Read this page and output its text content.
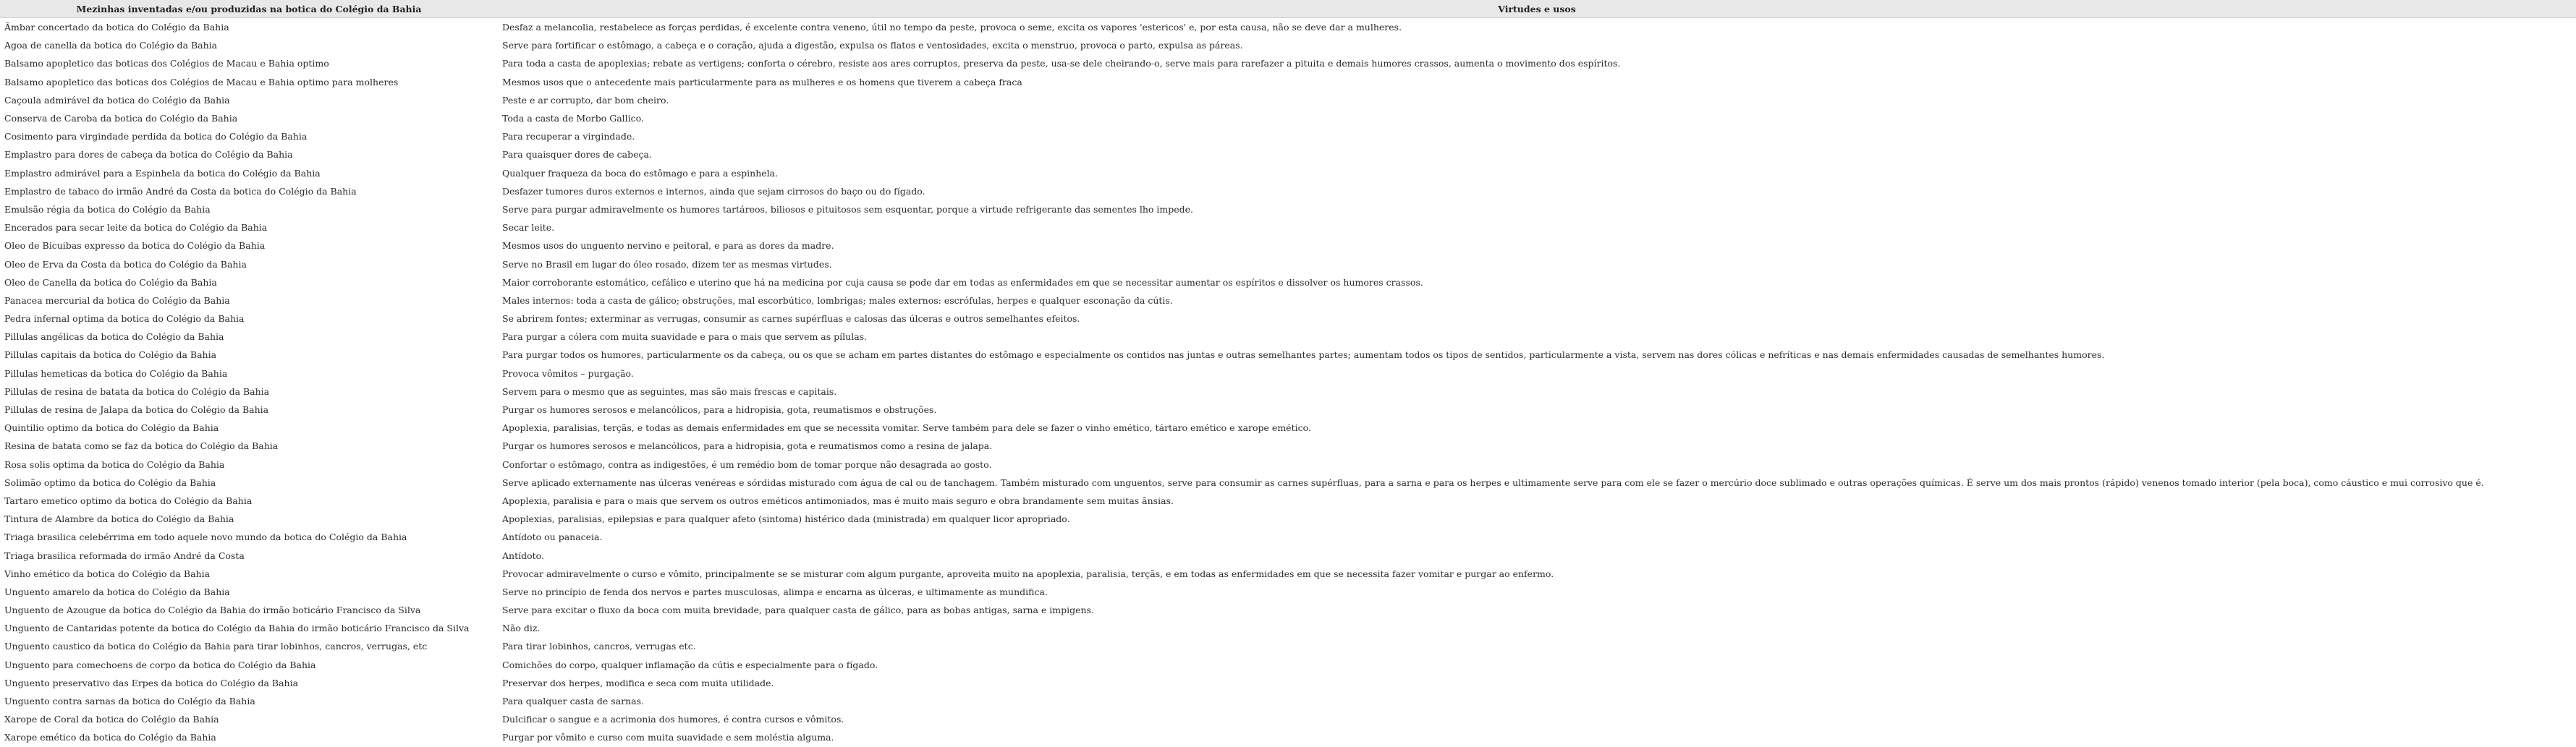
Mezinhas inventadas e/ou produzidas na botica do Colégio da Bahia	Virtudes e usos
Âmbar concertado da botica do Colégio da Bahia	Desfaz a melancolia, restabelece as forças perdidas, é excelente contra veneno, útil no tempo da peste, provoca o seme, excita os vapores 'estericos' e, por esta causa, não se deve dar a mulheres.
Agoa de canella da botica do Colégio da Bahia	Serve para fortificar o estômago, a cabeça e o coração, ajuda a digestão, expulsa os flatos e ventosidades, excita o menstruo, provoca o parto, expulsa as páreas.
Balsamo apopletico das boticas dos Colégios de Macau e Bahia optimo	Para toda a casta de apoplexias; rebate as vertigens; conforta o cérebro, resiste aos ares corruptos, preserva da peste, usa-se dele cheirando-o, serve mais para rarefazer a pituita e demais humores crassos, aumenta o movimento dos espíritos.
Balsamo apopletico das boticas dos Colégios de Macau e Bahia optimo para molheres	Mesmos usos que o antecedente mais particularmente para as mulheres e os homens que tiverem a cabeça fraca
Caçoula admirável da botica do Colégio da Bahia	Peste e ar corrupto, dar bom cheiro.
Conserva de Caroba da botica do Colégio da Bahia	Toda a casta de Morbo Gallico.
Cosimento para virgindade perdida da botica do Colégio da Bahia	Para recuperar a virgindade.
Emplastro para dores de cabeça da botica do Colégio da Bahia	Para quaisquer dores de cabeça.
Emplastro admirável para a Espinhela da botica do Colégio da Bahia	Qualquer fraqueza da boca do estômago e para a espinhela.
Emplastro de tabaco do irmão André da Costa da botica do Colégio da Bahia	Desfazer tumores duros externos e internos, ainda que sejam cirrosos do baço ou do fígado.
Emulsão régia da botica do Colégio da Bahia	Serve para purgar admiravelmente os humores tartáreos, biliosos e pituitosos sem esquentar, porque a virtude refrigerante das sementes lho impede.
Encerados para secar leite da botica do Colégio da Bahia	Secar leite.
Oleo de Bicuibas expresso da botica do Colégio da Bahia	Mesmos usos do unguento nervino e peitoral, e para as dores da madre.
Oleo de Erva da Costa da botica do Colégio da Bahia	Serve no Brasil em lugar do óleo rosado, dizem ter as mesmas virtudes.
Oleo de Canella da botica do Colégio da Bahia	Maior corroborante estomático, cefálico e uterino que há na medicina por cuja causa se pode dar em todas as enfermidades em que se necessitar aumentar os espíritos e dissolver os humores crassos.
Panacea mercurial da botica do Colégio da Bahia	Males internos: toda a casta de gálico; obstruções, mal escorbútico, lombrigas; males externos: escrófulas, herpes e qualquer esconação da cútis.
Pedra infernal optima da botica do Colégio da Bahia	Se abrirem fontes; exterminar as verrugas, consumir as carnes supérfluas e calosas das úlceras e outros semelhantes efeitos.
Pillulas angélicas da botica do Colégio da Bahia	Para purgar a cólera com muita suavidade e para o mais que servem as pílulas.
Pillulas capitais da botica do Colégio da Bahia	Para purgar todos os humores, particularmente os da cabeça, ou os que se acham em partes distantes do estômago e especialmente os contidos nas juntas e outras semelhantes partes; aumentam todos os tipos de sentidos, particularmente a vista, servem nas dores cólicas e nefríticas e nas demais enfermidades causadas de semelhantes humores.
Pillulas hemeticas da botica do Colégio da Bahia	Provoca vômitos – purgação.
Pillulas de resina de batata da botica do Colégio da Bahia	Servem para o mesmo que as seguintes, mas são mais frescas e capitais.
Pillulas de resina de Jalapa da botica do Colégio da Bahia	Purgar os humores serosos e melancólicos, para a hidropisia, gota, reumatismos e obstruções.
Quintilio optimo da botica do Colégio da Bahia	Apoplexia, paralisias, terçãs, e todas as demais enfermidades em que se necessita vomitar. Serve também para dele se fazer o vinho emético, tártaro emético e xarope emético.
Resina de batata como se faz da botica do Colégio da Bahia	Purgar os humores serosos e melancólicos, para a hidropisia, gota e reumatismos como a resina de jalapa.
Rosa solis optima da botica do Colégio da Bahia	Confortar o estômago, contra as indigestões, é um remédio bom de tomar porque não desagrada ao gosto.
Solimão optimo da botica do Colégio da Bahia	Serve aplicado externamente nas úlceras venéreas e sórdidas misturado com água de cal ou de tanchagem. Também misturado com unguentos, serve para consumir as carnes supérfluas, para a sarna e para os herpes e ultimamente serve para com ele se fazer o mercúrio doce sublimado e outras operações químicas. É serve um dos mais prontos (rápido) venenos tomado interior (pela boca), como cáustico e mui corrosivo que é.
Tartaro emetico optimo da botica do Colégio da Bahia	Apoplexia, paralisia e para o mais que servem os outros eméticos antimoniados, mas é muito mais seguro e obra brandamente sem muitas ânsias.
Tintura de Alambre da botica do Colégio da Bahia	Apoplexias, paralisias, epilepsias e para qualquer afeto (sintoma) histérico dada (ministrada) em qualquer licor apropriado.
Triaga brasilica celebérrima em todo aquele novo mundo da botica do Colégio da Bahia	Antídoto ou panaceia.
Triaga brasilica reformada do irmão André da Costa	Antídoto.
Vinho emético da botica do Colégio da Bahia	Provocar admiravelmente o curso e vômito, principalmente se se misturar com algum purgante, aproveita muito na apoplexia, paralisia, terçãs, e em todas as enfermidades em que se necessita fazer vomitar e purgar ao enfermo.
Unguento amarelo da botica do Colégio da Bahia	Serve no princípio de fenda dos nervos e partes musculosas, alimpa e encarna as úlceras, e ultimamente as mundifica.
Unguento de Azougue da botica do Colégio da Bahia do irmão boticário Francisco da Silva	Serve para excitar o fluxo da boca com muita brevidade, para qualquer casta de gálico, para as bobas antigas, sarna e impigens.
Unguento de Cantaridas potente da botica do Colégio da Bahia do irmão boticário Francisco da Silva	Não diz.
Unguento caustico da botica do Colégio da Bahia para tirar lobinhos, cancros, verrugas, etc	Para tirar lobinhos, cancros, verrugas etc.
Unguento para comechoens de corpo da botica do Colégio da Bahia	Comichões do corpo, qualquer inflamação da cútis e especialmente para o fígado.
Unguento preservativo das Erpes da botica do Colégio da Bahia	Preservar dos herpes, modifica e seca com muita utilidade.
Unguento contra sarnas da botica do Colégio da Bahia	Para qualquer casta de sarnas.
Xarope de Coral da botica do Colégio da Bahia	Dulcificar o sangue e a acrimonia dos humores, é contra cursos e vômitos.
Xarope emético da botica do Colégio da Bahia	Purgar por vômito e curso com muita suavidade e sem moléstia alguma.
